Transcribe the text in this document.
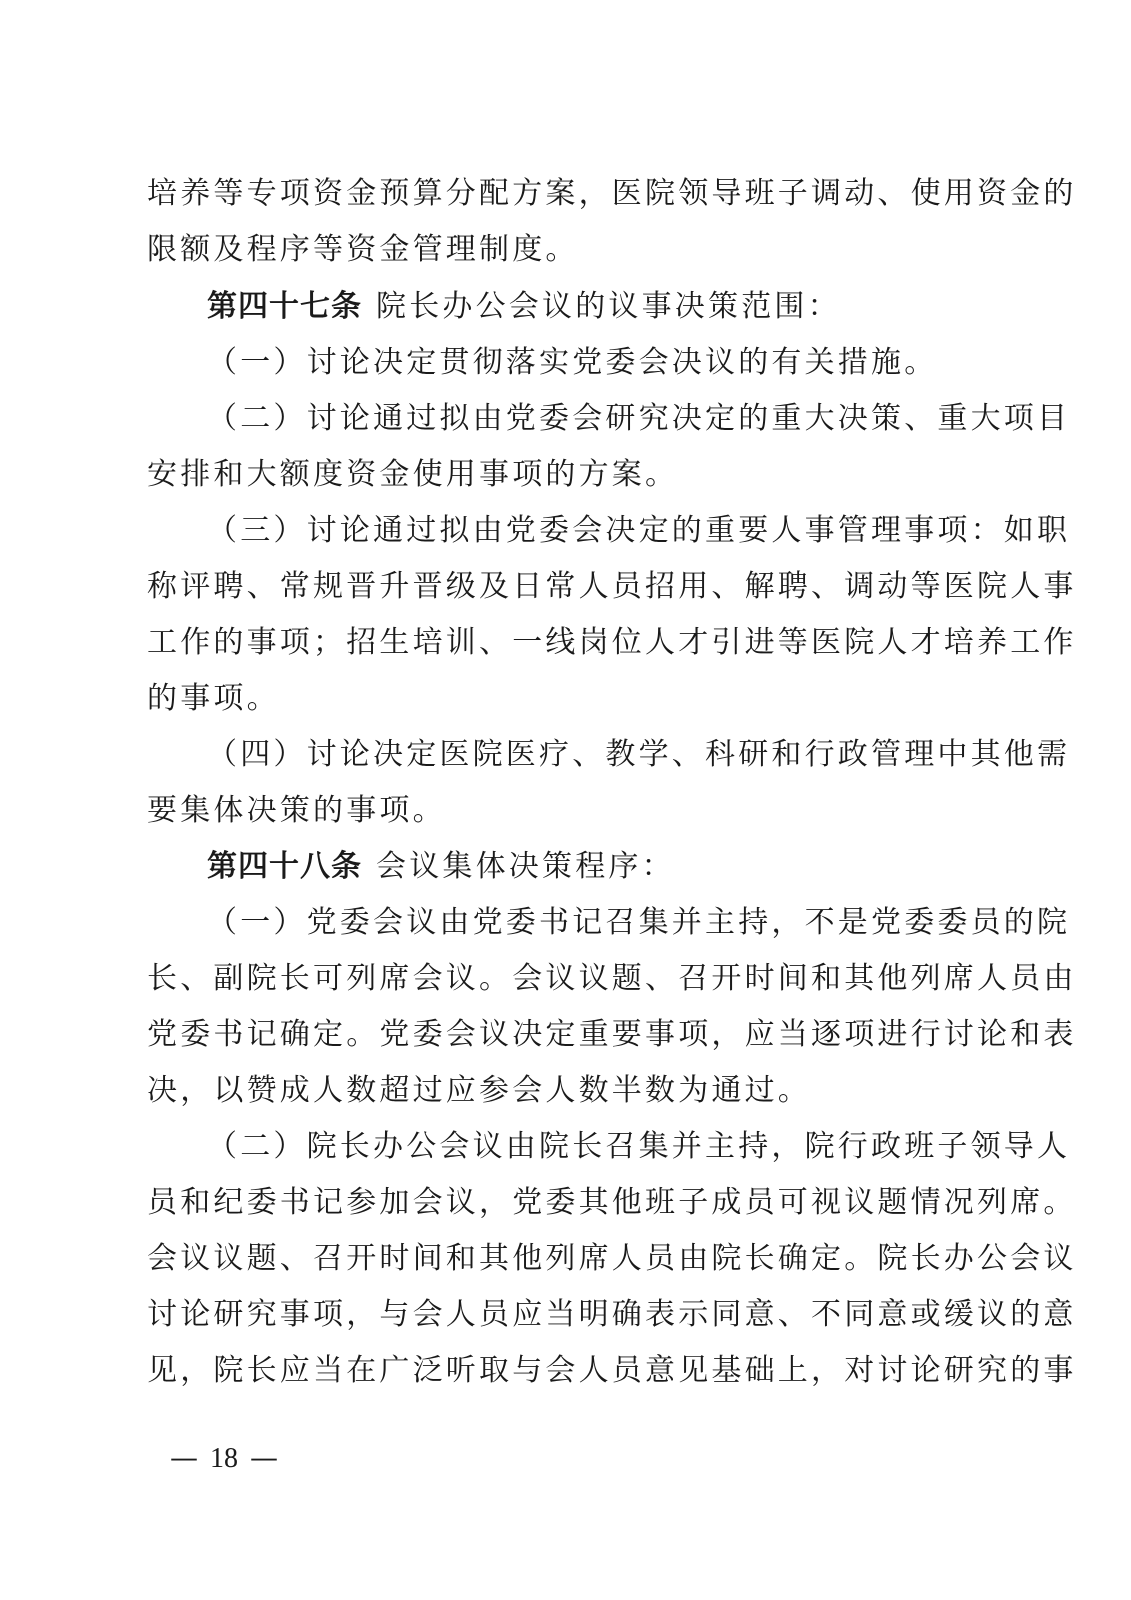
培养等专项资金预算分配方案，医院领导班子调动、使用资金的
限额及程序等资金管理制度。
第四十七条 院长办公会议的议事决策范围：
（一）讨论决定贯彻落实党委会决议的有关措施。
（二）讨论通过拟由党委会研究决定的重大决策、重大项目
安排和大额度资金使用事项的方案。
（三）讨论通过拟由党委会决定的重要人事管理事项：如职
称评聘、常规晋升晋级及日常人员招用、解聘、调动等医院人事
工作的事项；招生培训、一线岗位人才引进等医院人才培养工作
的事项。
（四）讨论决定医院医疗、教学、科研和行政管理中其他需
要集体决策的事项。
第四十八条 会议集体决策程序：
（一）党委会议由党委书记召集并主持，不是党委委员的院
长、副院长可列席会议。会议议题、召开时间和其他列席人员由
党委书记确定。党委会议决定重要事项，应当逐项进行讨论和表
决，以赞成人数超过应参会人数半数为通过。
（二）院长办公会议由院长召集并主持，院行政班子领导人
员和纪委书记参加会议，党委其他班子成员可视议题情况列席。
会议议题、召开时间和其他列席人员由院长确定。院长办公会议
讨论研究事项，与会人员应当明确表示同意、不同意或缓议的意
见，院长应当在广泛听取与会人员意见基础上，对讨论研究的事
— 18 —
